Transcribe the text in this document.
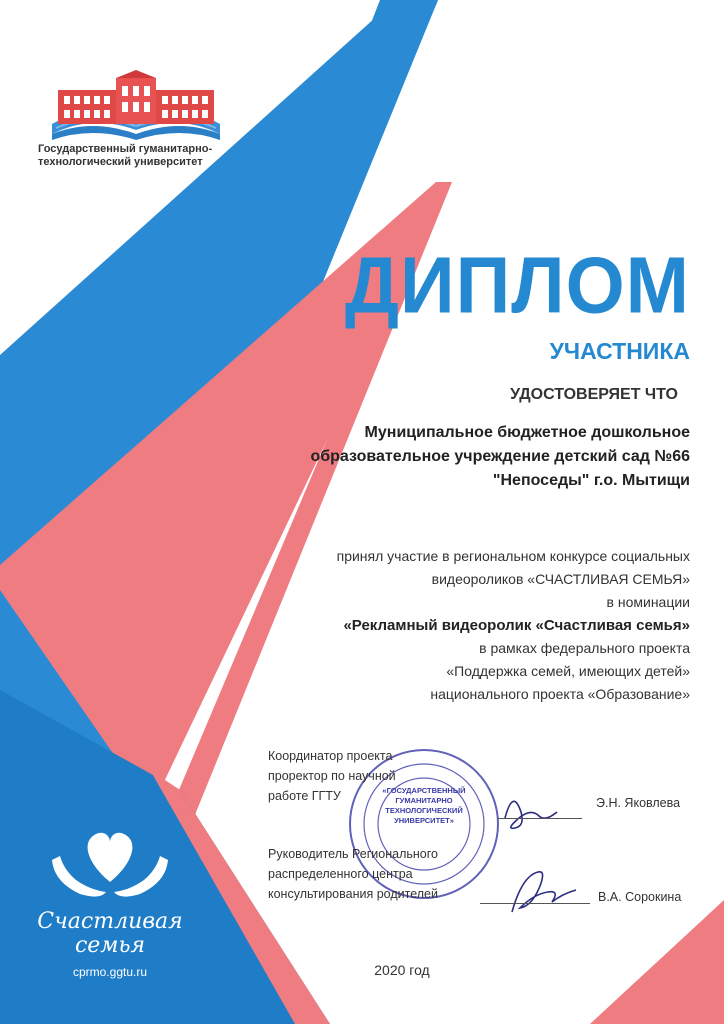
Государственный гуманитарно-
технологический университет
ДИПЛОМ
УЧАСТНИКА
УДОСТОВЕРЯЕТ ЧТО
Муниципальное бюджетное дошкольное
образовательное учреждение детский сад №66
"Непоседы" г.о. Мытищи
принял участие в региональном конкурсе социальных
видеороликов «СЧАСТЛИВАЯ СЕМЬЯ»
в номинации
«Рекламный видеоролик «Счастливая семья»
в рамках федерального проекта
«Поддержка семей, имеющих детей»
национального проекта «Образование»
«ГОСУДАРСТВЕННЫЙ ГУМАНИТАРНО ТЕХНОЛОГИЧЕСКИЙ УНИВЕРСИТЕТ»
Координатор проекта
проректор по научной
работе ГГТУ	Э.Н. Яковлева
Руководитель Регионального
распределенного центра
консультирования родителей	В.А. Сорокина
2020 год
Счастливая
семья
cprmo.ggtu.ru
